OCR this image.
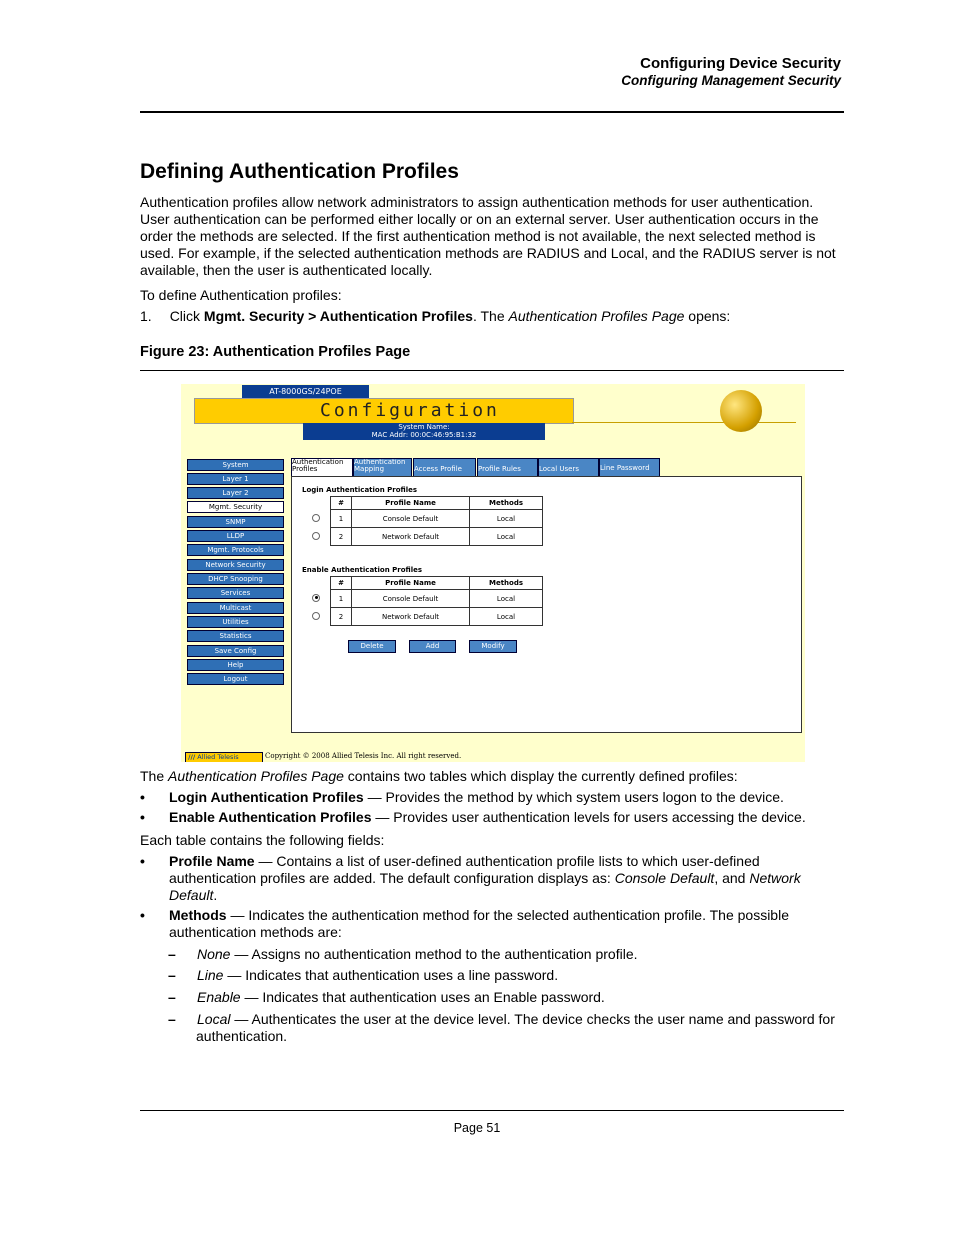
Configuring Device Security
Configuring Management Security
Defining Authentication Profiles
Authentication profiles allow network administrators to assign authentication methods for user authentication.
User authentication can be performed either locally or on an external server. User authentication occurs in the
order the methods are selected. If the first authentication method is not available, the next selected method is
used. For example, if the selected authentication methods are RADIUS and Local, and the RADIUS server is not
available, then the user is authenticated locally.
To define Authentication profiles:
1. Click Mgmt. Security > Authentication Profiles. The Authentication Profiles Page opens:
Figure 23: Authentication Profiles Page
AT-8000GS/24POE
Configuration
System Name:
MAC Addr: 00:0C:46:95:B1:32
System
Layer 1
Layer 2
Mgmt. Security
SNMP
LLDP
Mgmt. Protocols
Network Security
DHCP Snooping
Services
Multicast
Utilities
Statistics
Save Config
Help
Logout
Authentication Profiles
Authentication Mapping	Access Profile	Profile Rules	Local Users	Line Password
Login Authentication Profiles
	#	Profile Name	Methods
	1	Console Default	Local
	2	Network Default	Local
Enable Authentication Profiles
	#	Profile Name	Methods
	1	Console Default	Local
	2	Network Default	Local
Delete	Add	Modify
/// Allied Telesis	Copyright © 2008 Allied Telesis Inc. All right reserved.
The Authentication Profiles Page contains two tables which display the currently defined profiles:
• Login Authentication Profiles — Provides the method by which system users logon to the device.
• Enable Authentication Profiles — Provides user authentication levels for users accessing the device.
Each table contains the following fields:
• Profile Name — Contains a list of user-defined authentication profile lists to which user-defined
authentication profiles are added. The default configuration displays as: Console Default, and Network
Default.
• Methods — Indicates the authentication method for the selected authentication profile. The possible
authentication methods are:
– None — Assigns no authentication method to the authentication profile.
– Line — Indicates that authentication uses a line password.
– Enable — Indicates that authentication uses an Enable password.
– Local — Authenticates the user at the device level. The device checks the user name and password for
authentication.
Page 51
